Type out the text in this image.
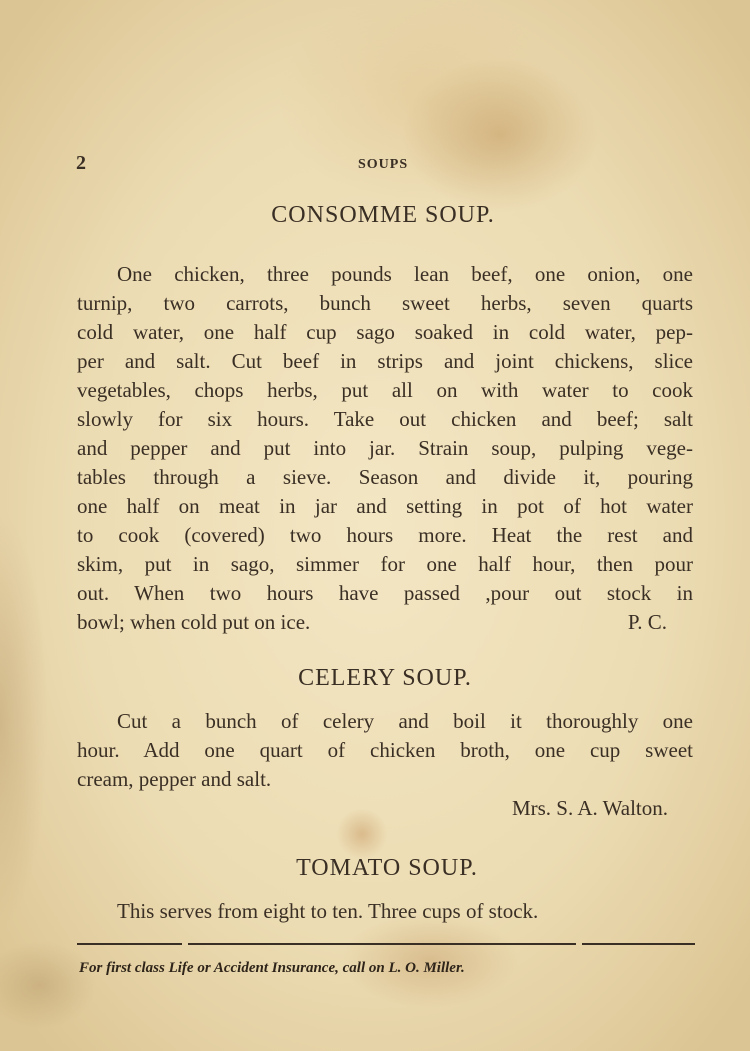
2	SOUPS
CONSOMME SOUP.
One chicken, three pounds lean beef, one onion, one
turnip, two carrots, bunch sweet herbs, seven quarts
cold water, one half cup sago soaked in cold water, pep-
per and salt. Cut beef in strips and joint chickens, slice
vegetables, chops herbs, put all on with water to cook
slowly for six hours. Take out chicken and beef; salt
and pepper and put into jar. Strain soup, pulping vege-
tables through a sieve. Season and divide it, pouring
one half on meat in jar and setting in pot of hot water
to cook (covered) two hours more. Heat the rest and
skim, put in sago, simmer for one half hour, then pour
out. When two hours have passed ,pour out stock in
bowl; when cold put on ice.	P. C.
CELERY SOUP.
Cut a bunch of celery and boil it thoroughly one
hour. Add one quart of chicken broth, one cup sweet
cream, pepper and salt.
Mrs. S. A. Walton.
TOMATO SOUP.
This serves from eight to ten. Three cups of stock.
For first class Life or Accident Insurance, call on L. O. Miller.
